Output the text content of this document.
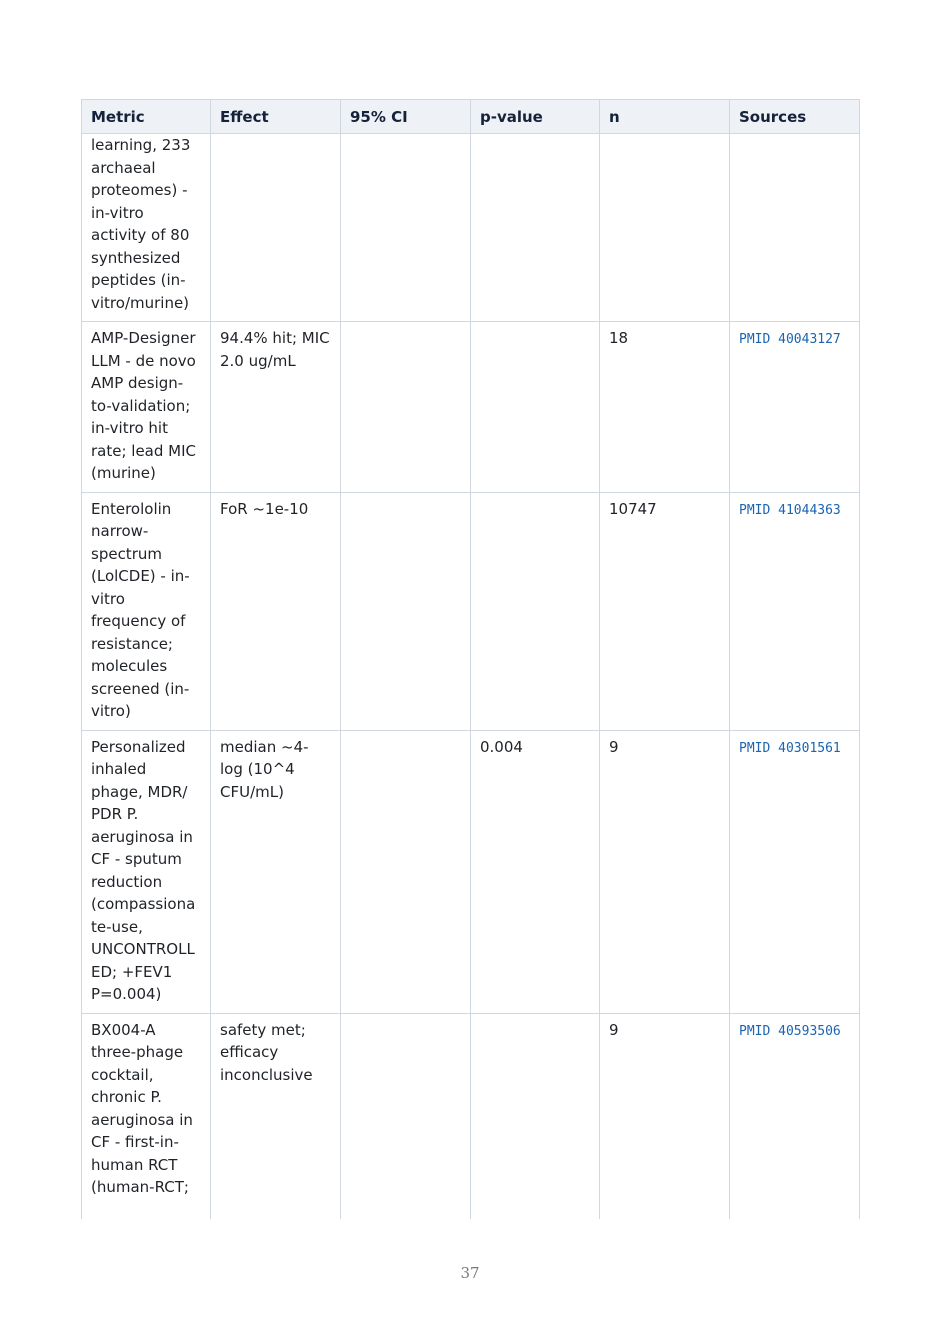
Metric	Effect	95% CI	p-value	n	Sources
learning, 233 archaeal proteomes) - in-vitro activity of 80 synthesized peptides (in-vitro/murine)					
AMP-Designer LLM - de novo AMP design-to-validation; in-vitro hit rate; lead MIC (murine)	94.4% hit; MIC 2.0 ug/mL			18	PMID 40043127
Enterololin narrow-spectrum (LolCDE) - in-vitro frequency of resistance; molecules screened (in-vitro)	FoR ~1e-10			10747	PMID 41044363
Personalized inhaled phage, MDR/ PDR P. aeruginosa in CF - sputum reduction (compassionate-use, UNCONTROLLED; +FEV1 P=0.004)	median ~4-log (10^4 CFU/mL)		0.004	9	PMID 40301561
BX004-A three-phage cocktail, chronic P. aeruginosa in CF - first-in-human RCT (human-RCT;	safety met; efficacy inconclusive			9	PMID 40593506
37
